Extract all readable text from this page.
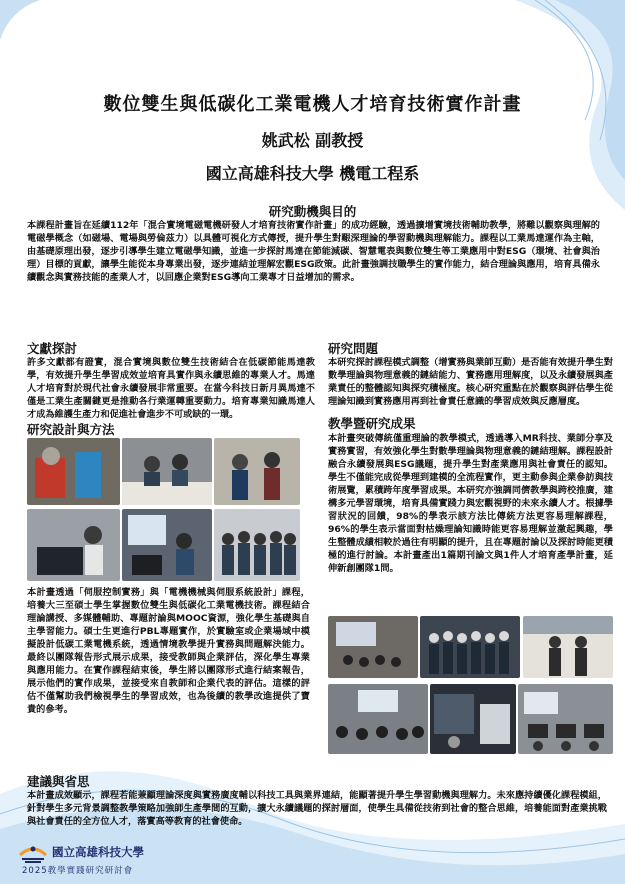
數位雙生與低碳化工業電機人才培育技術實作計畫
姚武松 副教授
國立高雄科技大學 機電工程系
研究動機與目的
本課程計畫旨在延續112年「混合實境電磁電機研發人才培育技術實作計畫」的成功經驗，透過擴增實境技術輔助教學，將難以觀察與理解的電磁學概念（如磁場、電場與勞倫茲力）以具體可視化方式傳授，提升學生對艱深理論的學習動機與理解能力。課程以工業馬達運作為主軸，由基礎原理出發，逐步引導學生建立電磁學知識，並進一步探討馬達在節能減碳、智慧電表與數位雙生等工業應用中對ESG（環境、社會與治理）目標的貢獻，讓學生能從本身專業出發，逐步連結並理解宏觀ESG政策。此計畫強調技職學生的實作能力，結合理論與應用，培育具備永續觀念與實務技能的產業人才，以回應企業對ESG導向工業專才日益增加的需求。
文獻探討
許多文獻都有證實，混合實境與數位雙生技術結合在低碳節能馬達教學，有效提升學生學習成效並培育具實作與永續思維的專業人才。馬達人才培育對於現代社會永續發展非常重要。在當今科技日新月異馬達不僅是工業生產關鍵更是推動各行業運轉重要動力。培育專業知識馬達人才成為維護生產力和促進社會進步不可或缺的一環。
研究設計與方法
本計畫透過「伺服控制實務」與「電機機械與伺服系統設計」課程，培養大三至碩士學生掌握數位雙生與低碳化工業電機技術。課程結合理論講授、多媒體輔助、專題討論與MOOC資源，強化學生基礎與自主學習能力。碩士生更進行PBL專題實作，於實驗室或企業場域中模擬設計低碳工業電機系統，透過情境教學提升實務與問題解決能力。最終以團隊報告形式展示成果，接受教師與企業評估，深化學生專業與應用能力。在實作課程結束後，學生將以團隊形式進行結案報告，展示他們的實作成果，並接受來自教師和企業代表的評估。這樣的評估不僅幫助我們檢視學生的學習成效，也為後續的教學改進提供了寶貴的參考。
研究問題
本研究探討課程模式調整（增實務與業師互動）是否能有效提升學生對數學理論與物理意義的鏈結能力、實務應用理解度，以及永續發展與產業責任的整體認知與探究積極度。核心研究重點在於觀察與評估學生從理論知識到實務應用再到社會責任意識的學習成效與反應層度。
教學暨研究成果
本計畫突破傳統僅重理論的教學模式，透過導入MR科技、業師分享及實務實習，有效強化學生對數學理論與物理意義的鏈結理解。課程設計融合永續發展與ESG議題，提升學生對產業應用與社會責任的認知。學生不僅能完成從學理到建模的全流程實作，更主動參與企業參訪與技術展覽，累積跨年度學習成果。本研究亦強調同儕教學與跨校推廣，建構多元學習環境，培育具備實踐力與宏觀視野的未來永續人才。根據學習狀況的回饋，98%的學表示該方法比傳統方法更容易理解課程，96%的學生表示當面對枯燥理論知識時能更容易理解並激起興趣，學生整體成績相較於過往有明顯的提升，且在專題討論以及探討時能更積極的進行討論。本計畫產出1篇期刊論文與1件人才培育產學計畫，延伸新創團隊1問。
建議與省思
本計畫成效顯示，課程若能兼顧理論深度與實務廣度輔以科技工具與業界連結，能顯著提升學生學習動機與理解力。未來應持續優化課程模組，針對學生多元背景調整教學策略加強師生產學間的互動，擴大永續議題的探討層面，使學生具備從技術到社會的整合思維，培養能面對產業挑戰與社會責任的全方位人才，落實高等教育的社會使命。
國立高雄科技大學
2025教學實踐研究研討會
